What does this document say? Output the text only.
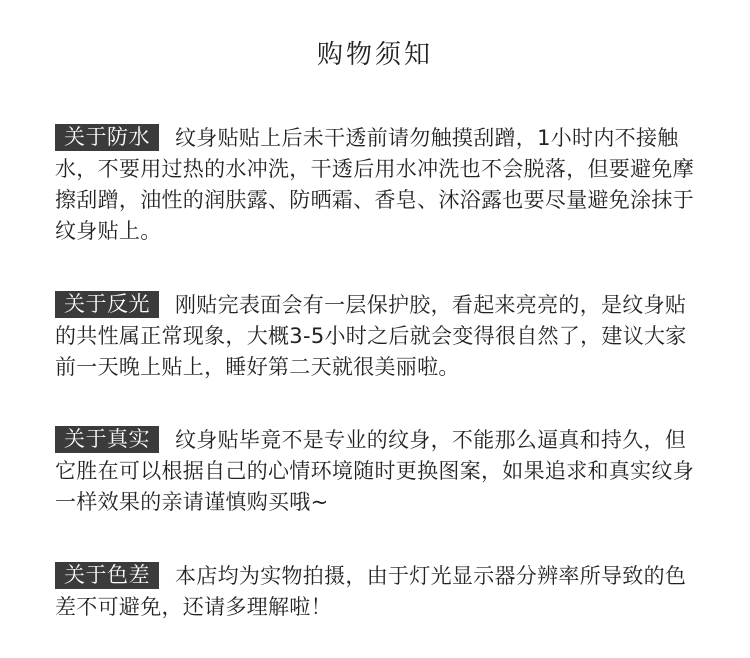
购物须知
关于防水 纹身贴贴上后未干透前请勿触摸刮蹭，1小时内不接触水，不要用过热的水冲洗，干透后用水冲洗也不会脱落，但要避免摩擦刮蹭，油性的润肤露、防晒霜、香皂、沐浴露也要尽量避免涂抹于纹身贴上。
关于反光 刚贴完表面会有一层保护胶，看起来亮亮的，是纹身贴的共性属正常现象，大概3-5小时之后就会变得很自然了，建议大家前一天晚上贴上，睡好第二天就很美丽啦。
关于真实 纹身贴毕竟不是专业的纹身，不能那么逼真和持久，但它胜在可以根据自己的心情环境随时更换图案，如果追求和真实纹身一样效果的亲请谨慎购买哦~
关于色差 本店均为实物拍摄，由于灯光显示器分辨率所导致的色差不可避免，还请多理解啦！
